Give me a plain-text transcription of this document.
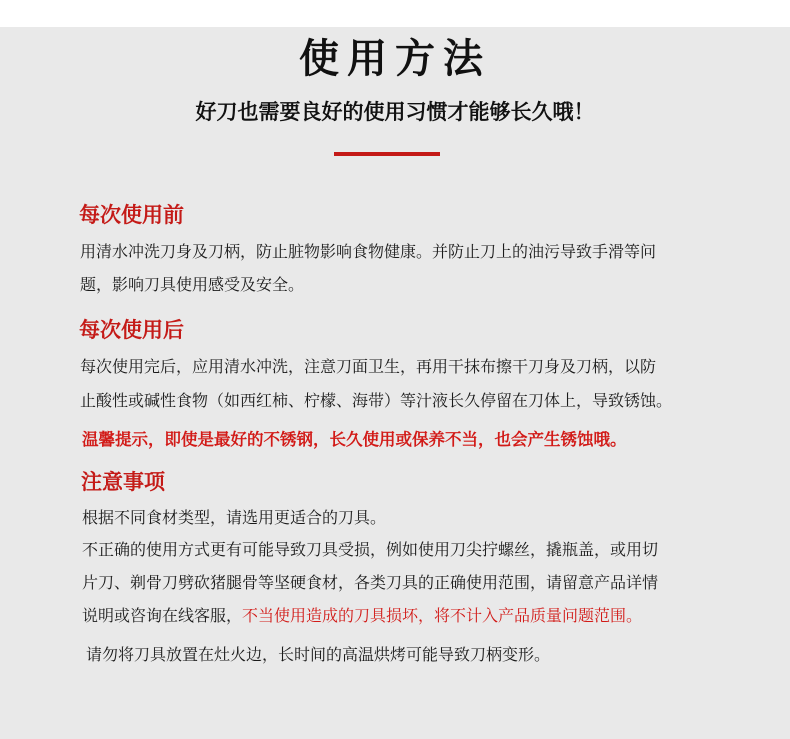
使用方法
好刀也需要良好的使用习惯才能够长久哦！
每次使用前
用清水冲洗刀身及刀柄，防止脏物影响食物健康。并防止刀上的油污导致手滑等问
题，影响刀具使用感受及安全。
每次使用后
每次使用完后，应用清水冲洗，注意刀面卫生，再用干抹布擦干刀身及刀柄，以防
止酸性或碱性食物（如西红柿、柠檬、海带）等汁液长久停留在刀体上，导致锈蚀。
温馨提示，即使是最好的不锈钢，长久使用或保养不当，也会产生锈蚀哦。
注意事项
根据不同食材类型，请选用更适合的刀具。
不正确的使用方式更有可能导致刀具受损，例如使用刀尖拧螺丝，撬瓶盖，或用切
片刀、剃骨刀劈砍猪腿骨等坚硬食材，各类刀具的正确使用范围，请留意产品详情
说明或咨询在线客服，不当使用造成的刀具损坏，将不计入产品质量问题范围。
请勿将刀具放置在灶火边，长时间的高温烘烤可能导致刀柄变形。
